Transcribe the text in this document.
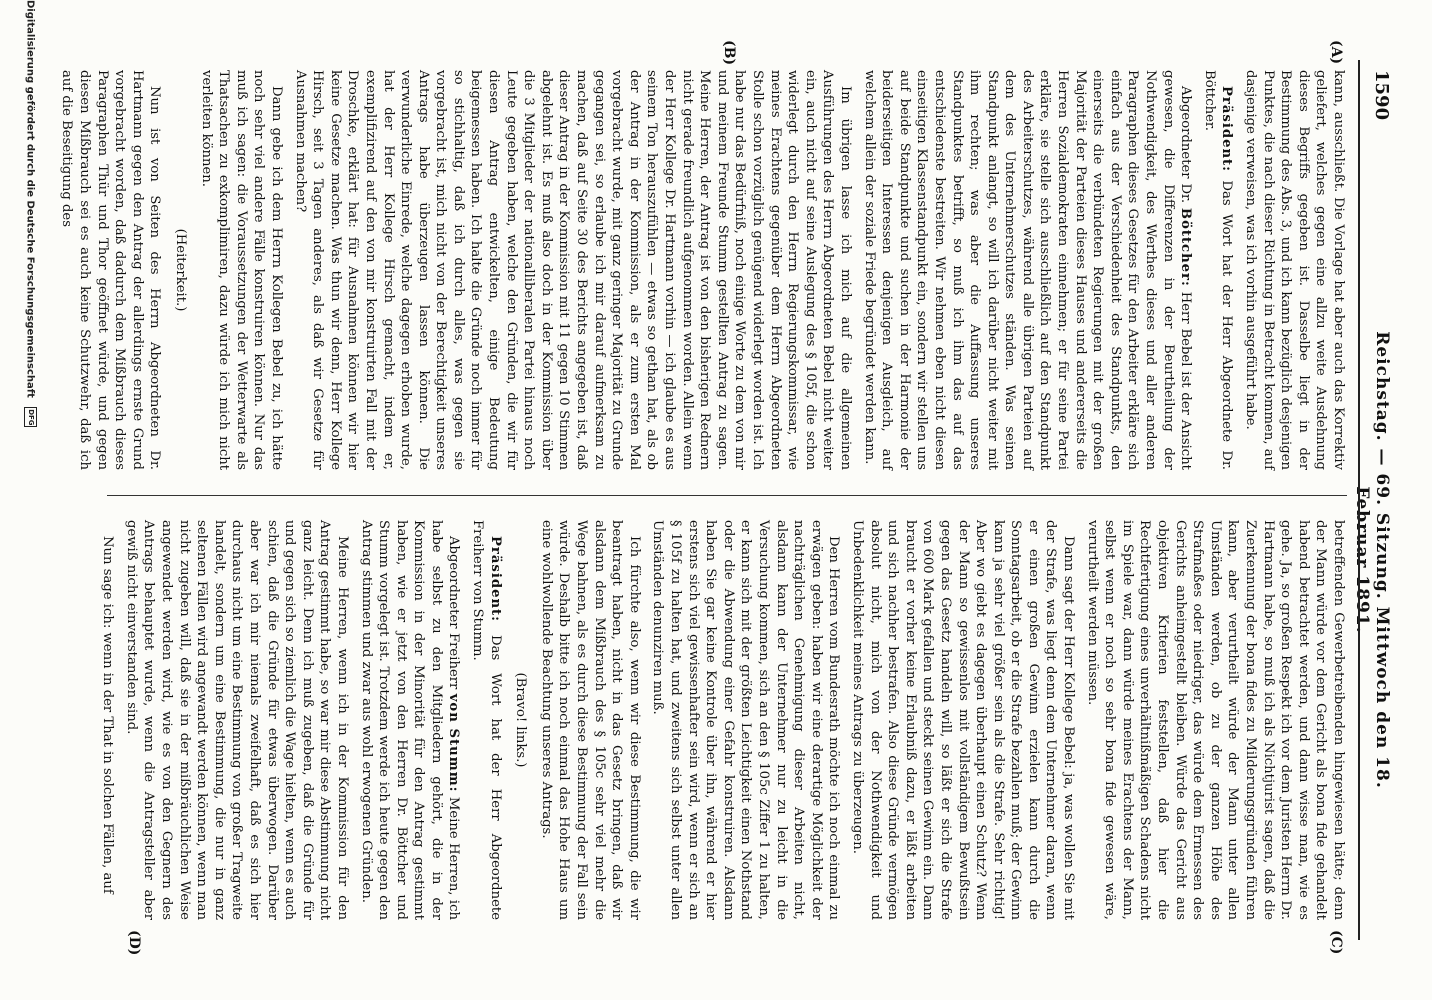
1590
Reichstag. — 69. Sitzung. Mittwoch den 18. Februar 1891.
(A)
(B)
(C)
(D)

kann, ausschließt. Die Vorlage hat aber auch das Korrektiv geliefert, welches gegen eine allzu weite Ausdehnung dieses Begriffs gegeben ist. Dasselbe liegt in der Bestimmung des Abs. 3, und ich kann bezüglich desjenigen Punktes, die nach dieser Richtung in Betracht kommen, auf dasjenige verweisen, was ich vorhin ausgeführt habe.

Präsident: Das Wort hat der Herr Abgeordnete Dr. Böttcher.

Abgeordneter Dr. Böttcher: Herr Bebel ist der Ansicht gewesen, die Differenzen in der Beurtheilung der Nothwendigkeit, des Werthes dieses und aller anderen Paragraphen dieses Gesetzes für den Arbeiter erkläre sich einfach aus der Verschiedenheit des Standpunkts, den einerseits die verbündeten Regierungen mit der großen Majorität der Parteien dieses Hauses und andererseits die Herren Sozialdemokraten einnehmen; er für seine Partei erkläre, sie stelle sich ausschließlich auf den Standpunkt des Arbeiterschutzes, während alle übrigen Parteien auf dem des Unternehmerschutzes ständen. Was seinen Standpunkt anlangt, so will ich darüber nicht weiter mit ihm rechten; was aber die Auffassung unseres Standpunktes betrifft, so muß ich ihm das auf das entschiedenste bestreiten. Wir nehmen eben nicht diesen einseitigen Klassenstandpunkt ein, sondern wir stellen uns auf beide Standpunkte und suchen in der Harmonie der beiderseitigen Interessen denjenigen Ausgleich, auf welchem allein der soziale Friede begründet werden kann.

Im übrigen lasse ich mich auf die allgemeinen Ausführungen des Herrn Abgeordneten Bebel nicht weiter ein, auch nicht auf seine Auslegung des § 105f, die schon widerlegt durch den Herrn Regierungskommissar, wie meines Erachtens gegenüber dem Herrn Abgeordneten Stolle schon vorzüglich genügend widerlegt worden ist. Ich habe nur das Bedürfniß, noch einige Worte zu dem von mir und meinem Freunde Stumm gestellten Antrag zu sagen. Meine Herren, der Antrag ist von den bisherigen Rednern nicht gerade freundlich aufgenommen worden. Allein wenn der Herr Kollege Dr. Hartmann vorhin — ich glaube es aus seinem Ton herauszufühlen — etwas so gethan hat, als ob der Antrag in der Kommission, als er zum ersten Mal vorgebracht wurde, mit ganz geringer Majorität zu Grunde gegangen sei, so erlaube ich mir darauf aufmerksam zu machen, daß auf Seite 30 des Berichts angegeben ist, daß dieser Antrag in der Kommission mit 11 gegen 10 Stimmen abgelehnt ist. Es muß also doch in der Kommission über die 3 Mitglieder der nationalliberalen Partei hinaus noch Leute gegeben haben, welche den Gründen, die wir für diesen Antrag entwickelten, einige Bedeutung beigemessen haben. Ich halte die Gründe noch immer für so stichhaltig, daß ich durch alles, was gegen sie vorgebracht ist, mich nicht von der Berechtigkeit unseres Antrags habe überzeugen lassen können. Die verwunderliche Einrede, welche dagegen erhoben wurde, hat der Herr Kollege Hirsch gemacht, indem er, exemplifizirend auf den von mir konstruirten Fall mit der Droschke, erklärt hat: für Ausnahmen können wir hier keine Gesetze machen. Was thun wir denn, Herr Kollege Hirsch, seit 3 Tagen anderes, als daß wir Gesetze für Ausnahmen machen?

Dann gebe ich dem Herrn Kollegen Bebel zu, ich hätte noch sehr viel andere Fälle konstruiren können. Nur das muß ich sagen: die Voraussetzungen der Wetterwarte als Thatsachen zu exkomplimiren, dazu würde ich mich nicht verleiten können.

(Heiterkeit.)

Nun ist von Seiten des Herrn Abgeordneten Dr. Hartmann gegen den Antrag der allerdings ernste Grund vorgebracht worden, daß dadurch dem Mißbrauch dieses Paragraphen Thür und Thor geöffnet würde, und gegen diesen Mißbrauch sei es auch keine Schutzwehr, daß ich auf die Beseitigung des

betreffenden Gewerbetreibenden hingewiesen hätte; denn der Mann würde vor dem Gericht als bona fide gehandelt habend betrachtet werden, und dann wisse man, wie es gehe. Ja, so großen Respekt ich vor dem Juristen Herrn Dr. Hartmann habe, so muß ich als Nichtjurist sagen, daß die Zuerkennung der bona fides zu Milderungsgründen führen kann, aber verurtheilt würde der Mann unter allen Umständen werden, ob zu der ganzen Höhe des Strafmaßes oder niedriger, das würde dem Ermessen des Gerichts anheimgestellt bleiben. Würde das Gericht aus objektiven Kriterien feststellen, daß hier die Rechtfertigung eines unverhältnißmäßigen Schadens nicht im Spiele war, dann würde meines Erachtens der Mann, selbst wenn er noch so sehr bona fide gewesen wäre, verurtheilt werden müssen.

Dann sagt der Herr Kollege Bebel: ja, was wollen Sie mit der Strafe, was liegt denn dem Unternehmer daran, wenn er einen großen Gewinn erzielen kann durch die Sonntagsarbeit, ob er die Strafe bezahlen muß; der Gewinn kann ja sehr viel größer sein als die Strafe. Sehr richtig! Aber wo giebt es dagegen überhaupt einen Schutz? Wenn der Mann so gewissenlos mit vollständigem Bewußtsein gegen das Gesetz handeln will, so läßt er sich die Strafe von 600 Mark gefallen und steckt seinen Gewinn ein. Dann braucht er vorher keine Erlaubniß dazu, er läßt arbeiten und sich nachher bestrafen. Also diese Gründe vermögen absolut nicht, mich von der Nothwendigkeit und Unbedenklichkeit meines Antrags zu überzeugen.

Den Herren vom Bundesrath möchte ich noch einmal zu erwägen geben: haben wir eine derartige Möglichkeit der nachträglichen Genehmigung dieser Arbeiten nicht, alsdann kann der Unternehmer nur zu leicht in die Versuchung kommen, sich an den § 105c Ziffer 1 zu halten, er kann sich mit der größten Leichtigkeit einen Nothstand oder die Abwendung einer Gefahr konstruiren. Alsdann haben Sie gar keine Kontrole über ihn, während er hier erstens sich viel gewissenhafter sein wird, wenn er sich an § 105f zu halten hat, und zweitens sich selbst unter allen Umständen denunziren muß.

Ich fürchte also, wenn wir diese Bestimmung, die wir beantragt haben, nicht in das Gesetz bringen, daß wir alsdann dem Mißbrauch des § 105c sehr viel mehr die Wege bahnen, als es durch diese Bestimmung der Fall sein würde. Deshalb bitte ich noch einmal das Hohe Haus um eine wohlwollende Beachtung unseres Antrags.

(Bravo! links.)

Präsident: Das Wort hat der Herr Abgeordnete Freiherr von Stumm.

Abgeordneter Freiherr von Stumm: Meine Herren, ich habe selbst zu den Mitgliedern gehört, die in der Kommission in der Minorität für den Antrag gestimmt haben, wie er jetzt von den Herren Dr. Böttcher und Stumm vorgelegt ist. Trotzdem werde ich heute gegen den Antrag stimmen und zwar aus wohl erwogenen Gründen.

Meine Herren, wenn ich in der Kommission für den Antrag gestimmt habe, so war mir diese Abstimmung nicht ganz leicht. Denn ich muß zugeben, daß die Gründe für und gegen sich so ziemlich die Wage hielten, wenn es auch schien, daß die Gründe für etwas überwogen. Darüber aber war ich mir niemals zweifelhaft, daß es sich hier durchaus nicht um eine Bestimmung von großer Tragweite handelt, sondern um eine Bestimmung, die nur in ganz seltenen Fällen wird angewandt werden können, wenn man nicht zugeben will, daß sie in der mißbräuchlichen Weise angewendet werden wird, wie es von den Gegnern des Antrags behauptet wurde, wenn die Antragsteller aber gewiß nicht einverstanden sind.

Nun sage ich: wenn in der That in solchen Fällen, auf

Digitalisierung gefördert durch die Deutsche Forschungsgemeinschaft DFG
